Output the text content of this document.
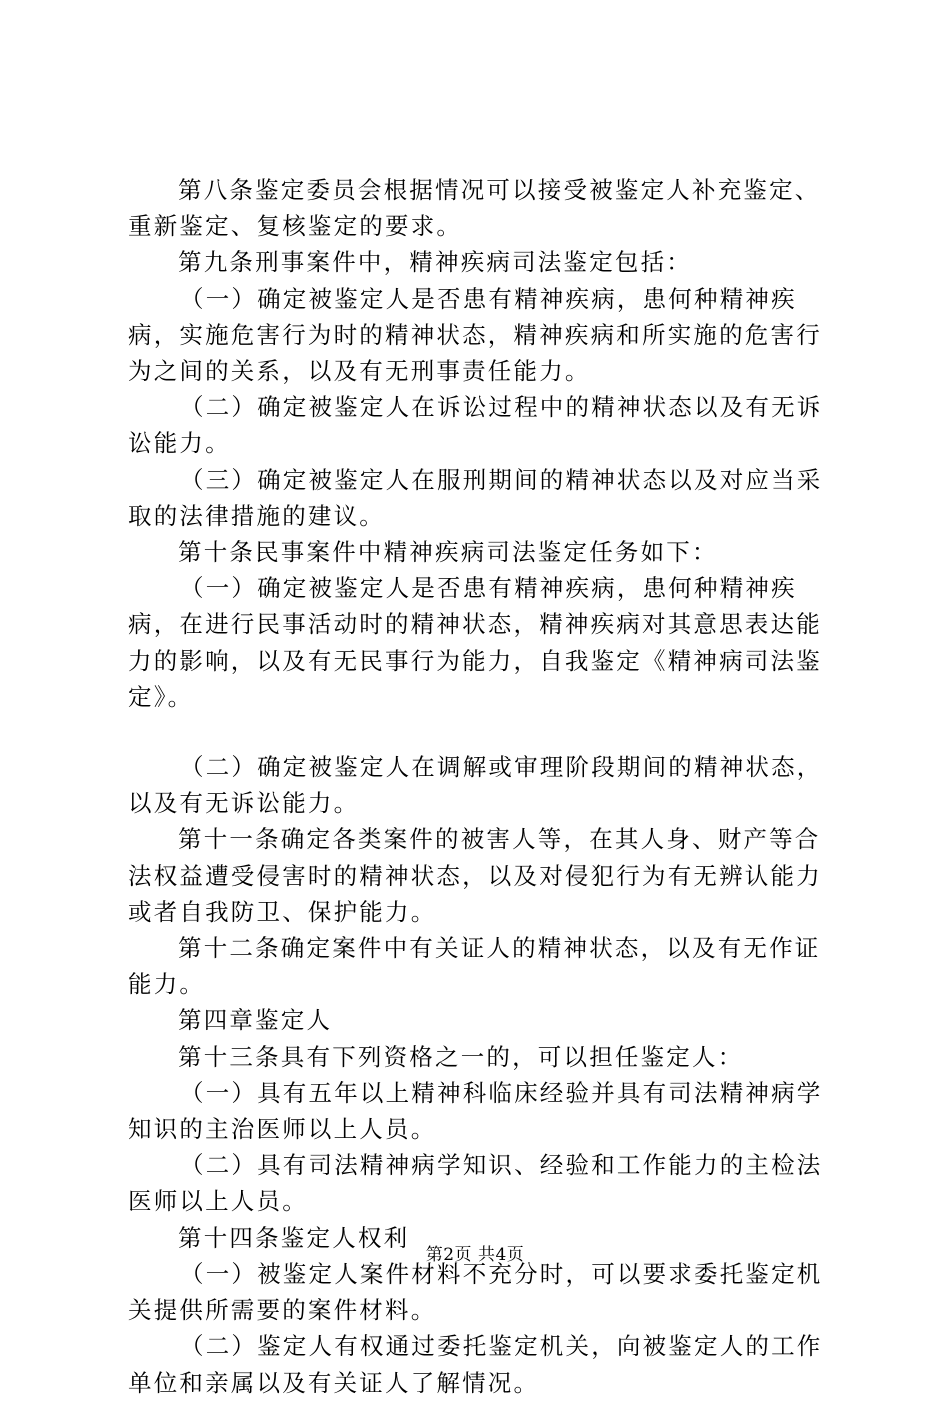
第八条鉴定委员会根据情况可以接受被鉴定人补充鉴定、重新鉴定、复核鉴定的要求。

第九条刑事案件中，精神疾病司法鉴定包括：

（一）确定被鉴定人是否患有精神疾病，患何种精神疾病，实施危害行为时的精神状态，精神疾病和所实施的危害行为之间的关系，以及有无刑事责任能力。

（二）确定被鉴定人在诉讼过程中的精神状态以及有无诉讼能力。

（三）确定被鉴定人在服刑期间的精神状态以及对应当采取的法律措施的建议。

第十条民事案件中精神疾病司法鉴定任务如下：

（一）确定被鉴定人是否患有精神疾病，患何种精神疾病，在进行民事活动时的精神状态，精神疾病对其意思表达能力的影响，以及有无民事行为能力，自我鉴定《精神病司法鉴定》。

（二）确定被鉴定人在调解或审理阶段期间的精神状态，以及有无诉讼能力。

第十一条确定各类案件的被害人等，在其人身、财产等合法权益遭受侵害时的精神状态，以及对侵犯行为有无辨认能力或者自我防卫、保护能力。

第十二条确定案件中有关证人的精神状态，以及有无作证能力。

第四章鉴定人

第十三条具有下列资格之一的，可以担任鉴定人：

（一）具有五年以上精神科临床经验并具有司法精神病学知识的主治医师以上人员。

（二）具有司法精神病学知识、经验和工作能力的主检法医师以上人员。

第十四条鉴定人权利

（一）被鉴定人案件材料不充分时，可以要求委托鉴定机关提供所需要的案件材料。

（二）鉴定人有权通过委托鉴定机关，向被鉴定人的工作单位和亲属以及有关证人了解情况。

第2页 共4页
